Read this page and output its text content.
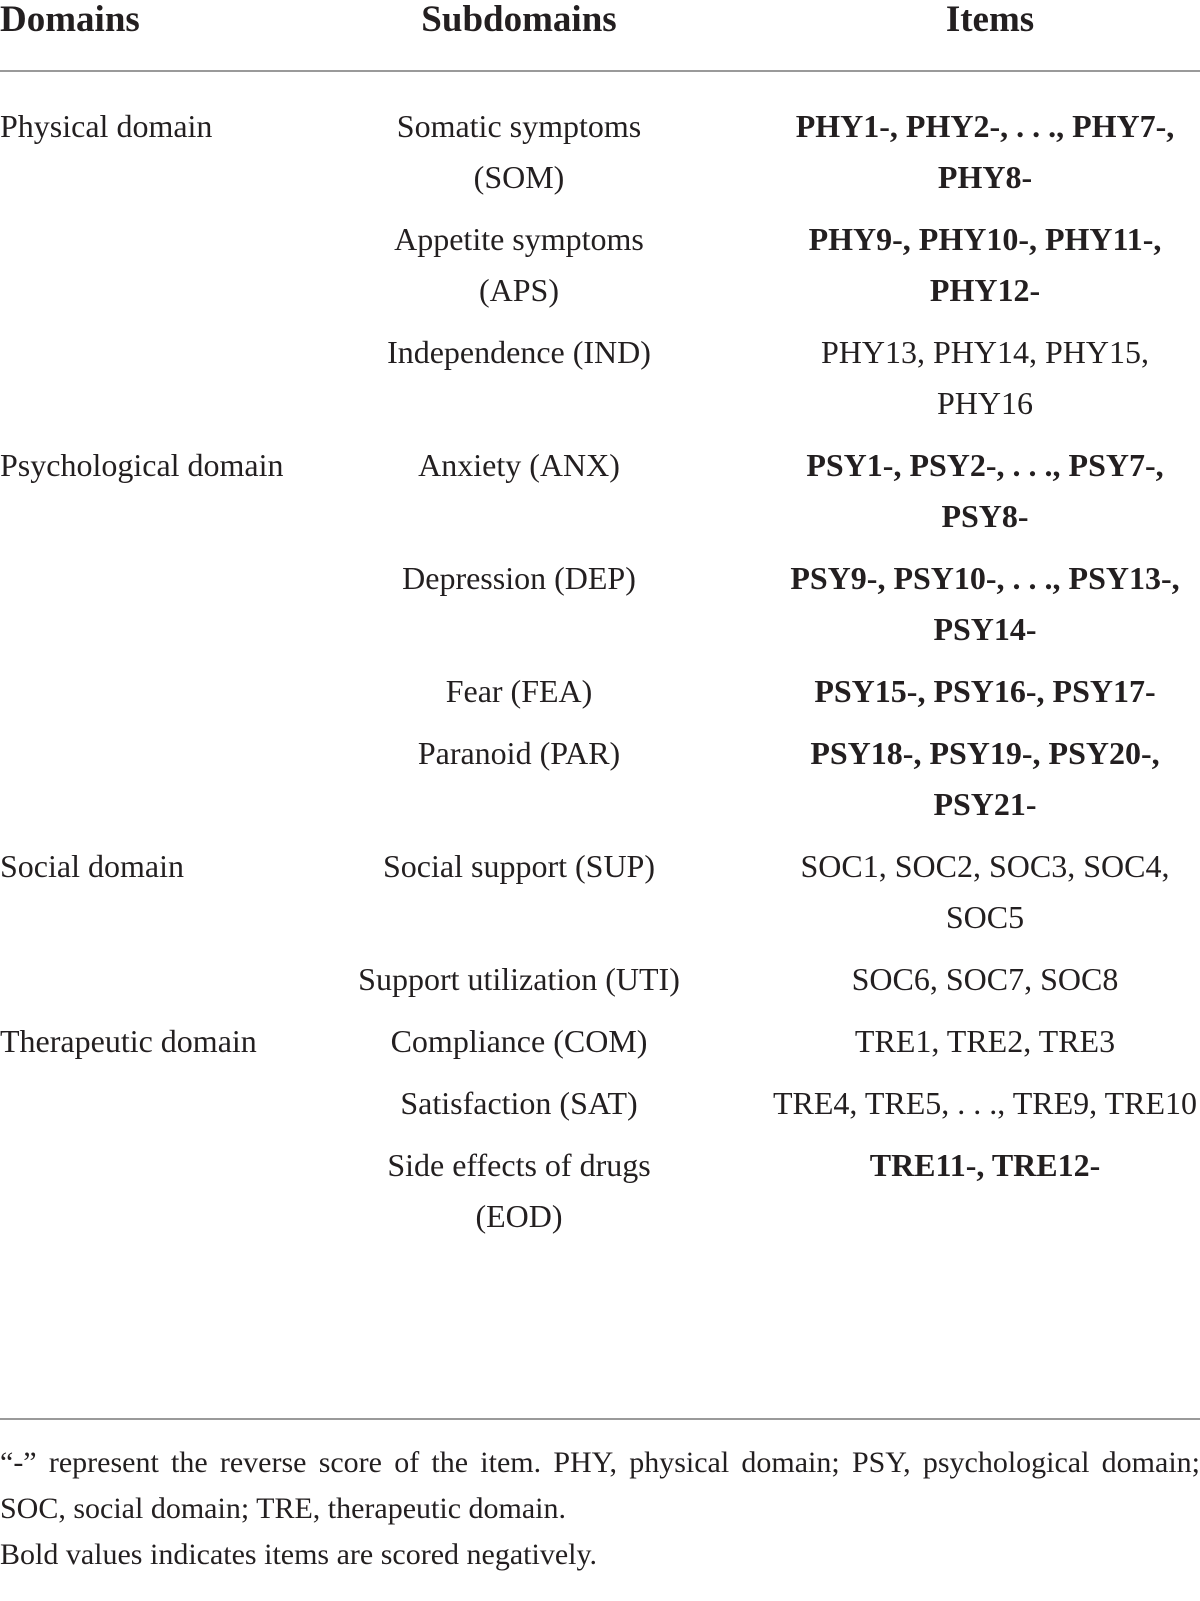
Domains	Subdomains	Items
Physical domain	Somatic symptoms (SOM)	PHY1-, PHY2-, . . ., PHY7-, PHY8-
	Appetite symptoms (APS)	PHY9-, PHY10-, PHY11-, PHY12-
	Independence (IND)	PHY13, PHY14, PHY15, PHY16
Psychological domain	Anxiety (ANX)	PSY1-, PSY2-, . . ., PSY7-, PSY8-
	Depression (DEP)	PSY9-, PSY10-, . . ., PSY13-, PSY14-
	Fear (FEA)	PSY15-, PSY16-, PSY17-
	Paranoid (PAR)	PSY18-, PSY19-, PSY20-, PSY21-
Social domain	Social support (SUP)	SOC1, SOC2, SOC3, SOC4, SOC5
	Support utilization (UTI)	SOC6, SOC7, SOC8
Therapeutic domain	Compliance (COM)	TRE1, TRE2, TRE3
	Satisfaction (SAT)	TRE4, TRE5, . . ., TRE9, TRE10
	Side effects of drugs (EOD)	TRE11-, TRE12-

“-” represent the reverse score of the item. PHY, physical domain; PSY, psychological domain; SOC, social domain; TRE, therapeutic domain.

Bold values indicates items are scored negatively.
